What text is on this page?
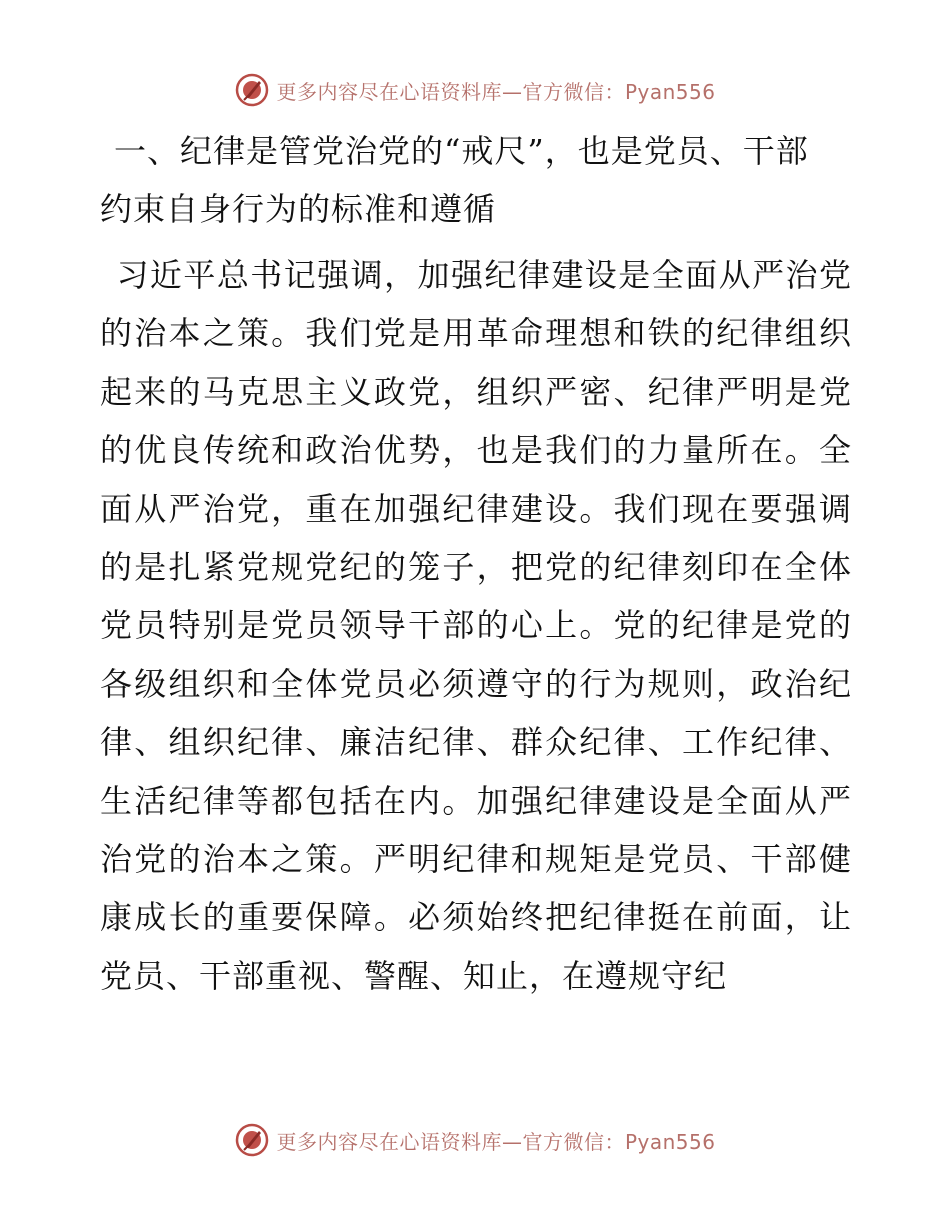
更多内容尽在心语资料库—官方微信：Pyan556
一、纪律是管党治党的“戒尺”，也是党员、干部约束自身行为的标准和遵循

习近平总书记强调，加强纪律建设是全面从严治党的治本之策。我们党是用革命理想和铁的纪律组织起来的马克思主义政党，组织严密、纪律严明是党的优良传统和政治优势，也是我们的力量所在。全面从严治党，重在加强纪律建设。我们现在要强调的是扎紧党规党纪的笼子，把党的纪律刻印在全体党员特别是党员领导干部的心上。党的纪律是党的各级组织和全体党员必须遵守的行为规则，政治纪律、组织纪律、廉洁纪律、群众纪律、工作纪律、生活纪律等都包括在内。加强纪律建设是全面从严治党的治本之策。严明纪律和规矩是党员、干部健康成长的重要保障。必须始终把纪律挺在前面，让党员、干部重视、警醒、知止，在遵规守纪

更多内容尽在心语资料库—官方微信：Pyan556
